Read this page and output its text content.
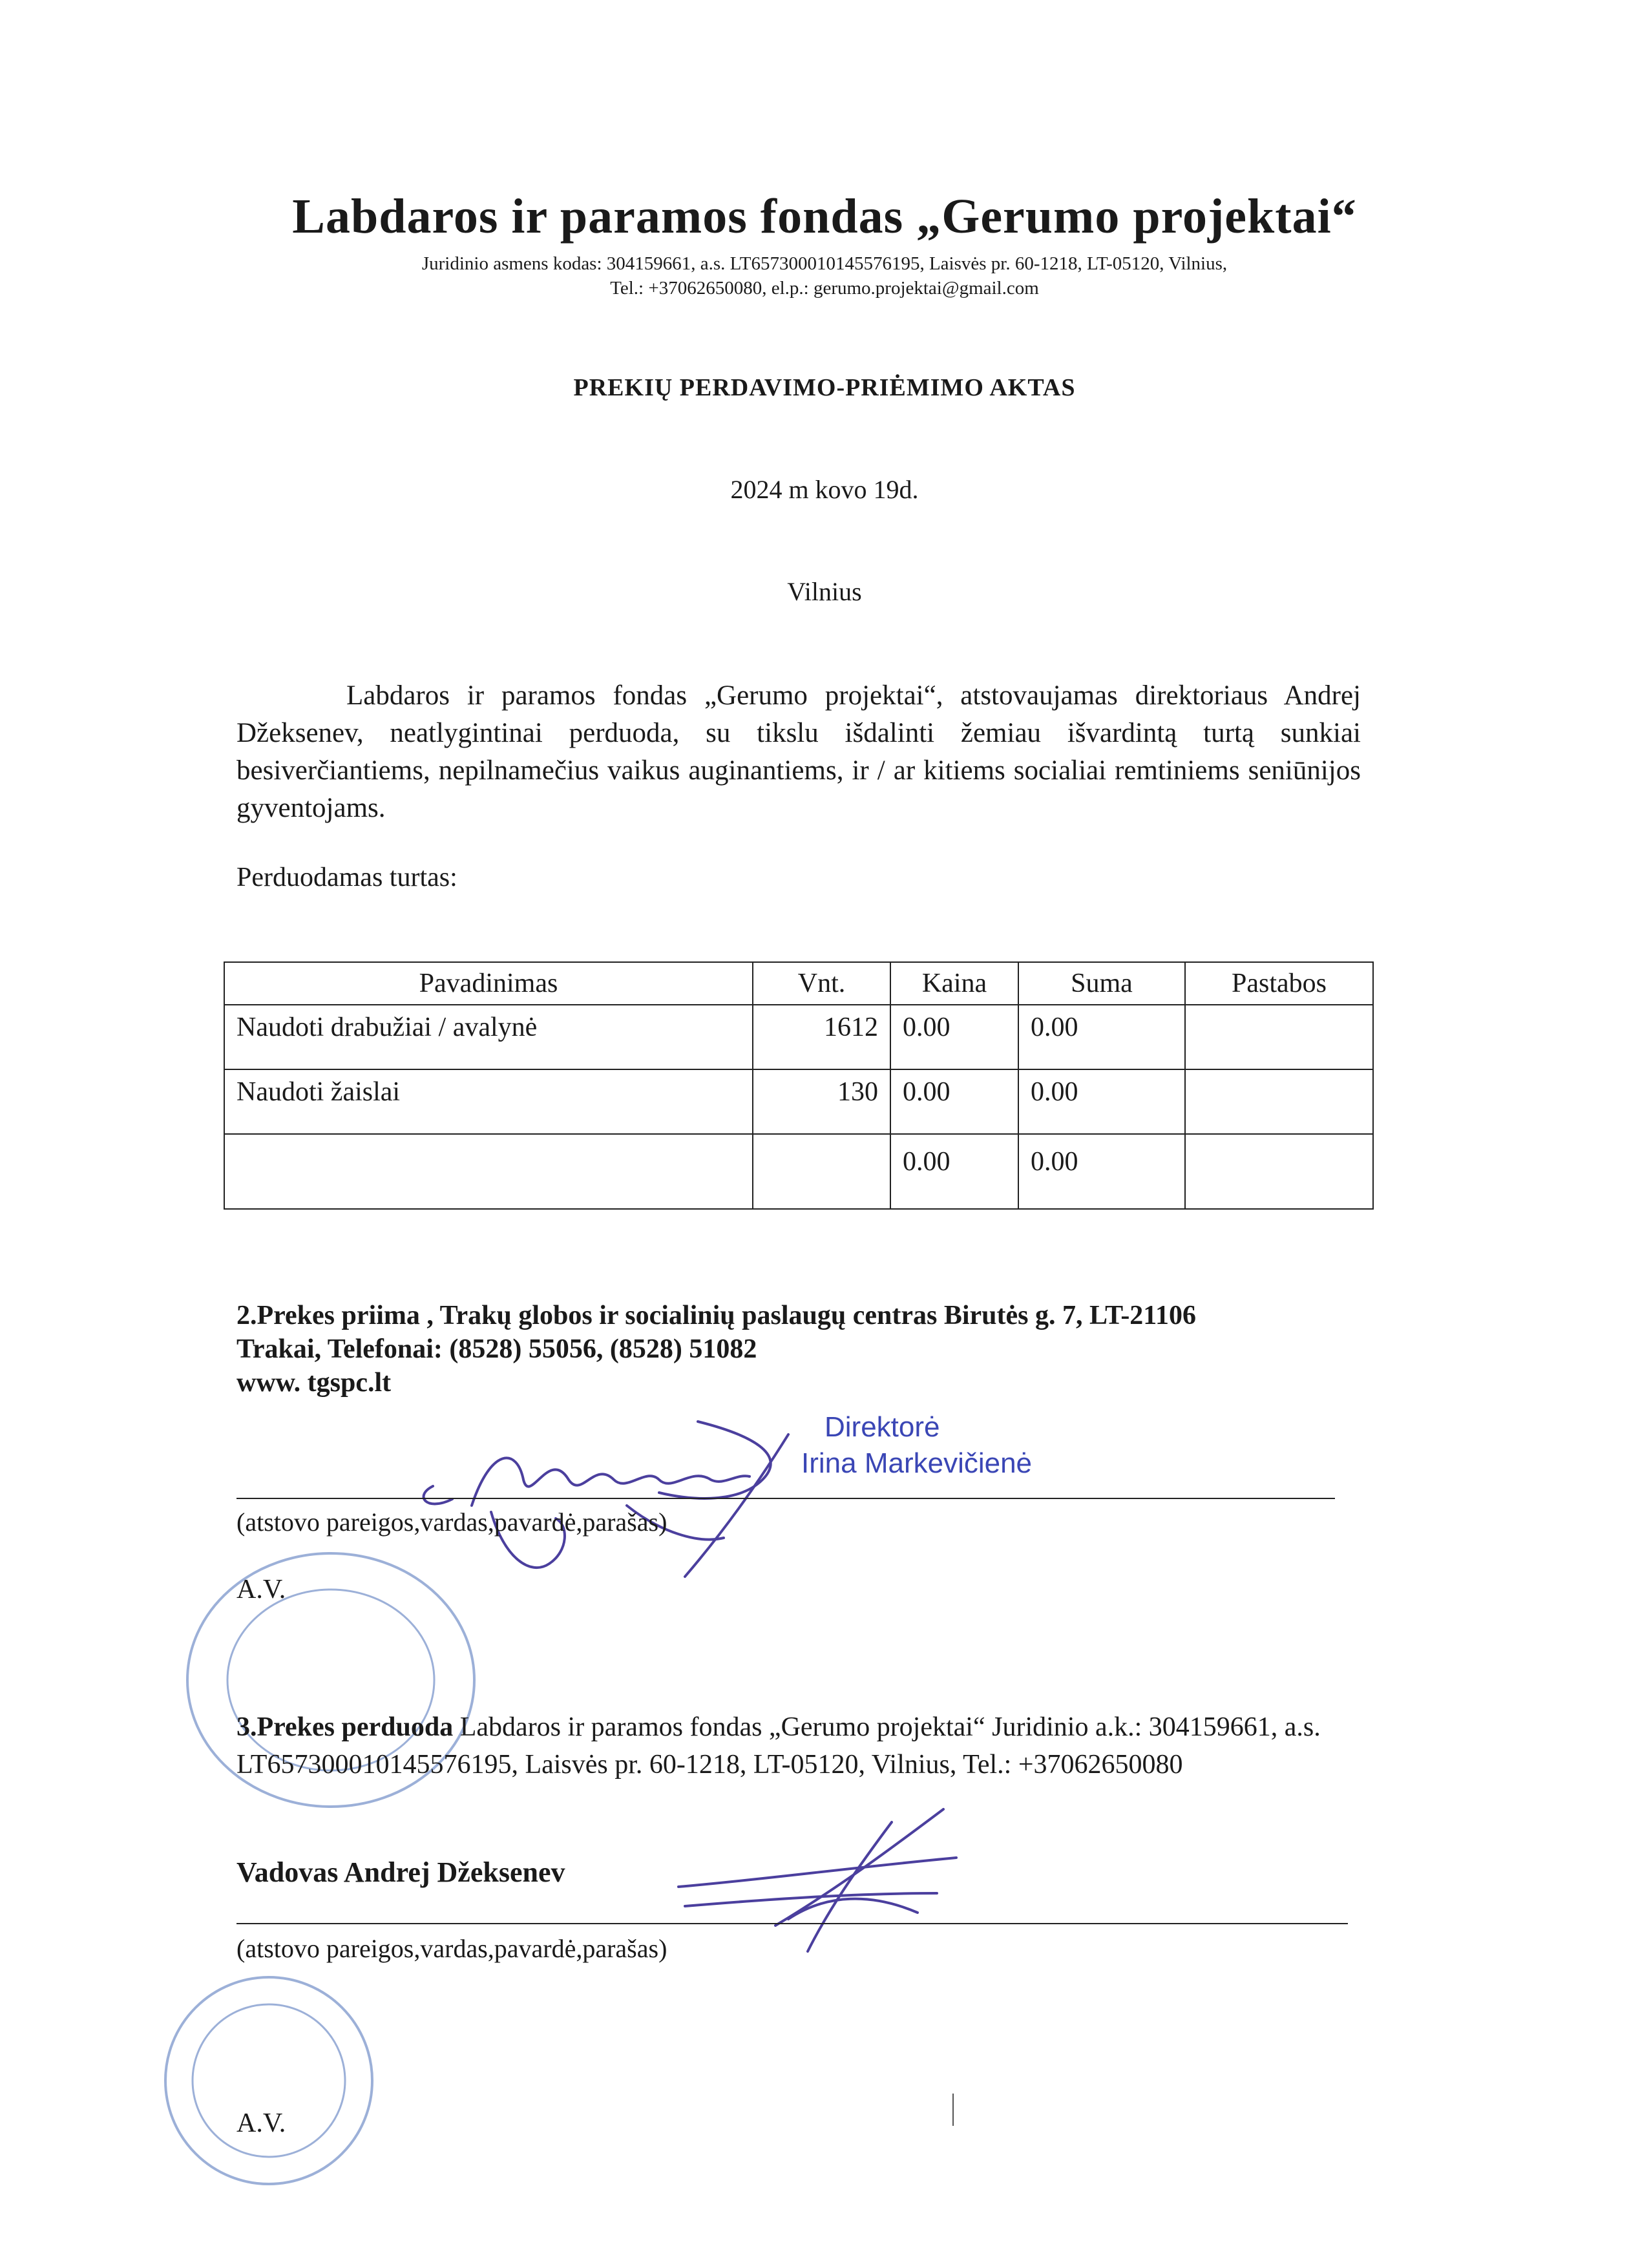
Labdaros ir paramos fondas „Gerumo projektai“
Juridinio asmens kodas: 304159661, a.s. LT657300010145576195, Laisvės pr. 60-1218, LT-05120, Vilnius,
Tel.: +37062650080, el.p.: gerumo.projektai@gmail.com
PREKIŲ PERDAVIMO-PRIĖMIMO AKTAS
2024 m kovo 19d.
Vilnius
Labdaros ir paramos fondas „Gerumo projektai“, atstovaujamas direktoriaus Andrej Džeksenev, neatlygintinai perduoda, su tikslu išdalinti žemiau išvardintą turtą sunkiai besiverčiantiems, nepilnamečius vaikus auginantiems, ir / ar kitiems socialiai remtiniems seniūnijos gyventojams.
Perduodamas turtas:
Pavadinimas	Vnt.	Kaina	Suma	Pastabos
Naudoti drabužiai / avalynė	1612	0.00	0.00	
Naudoti žaislai	130	0.00	0.00	
		0.00	0.00	
2.Prekes priima , Trakų globos ir socialinių paslaugų centras Birutės g. 7, LT-21106
Trakai, Telefonai: (8528) 55056, (8528) 51082
www. tgspc.lt
Direktorė
Irina Markevičienė
(atstovo pareigos,vardas,pavardė,parašas)
A.V.
3.Prekes perduoda Labdaros ir paramos fondas „Gerumo projektai“ Juridinio a.k.: 304159661, a.s. LT657300010145576195, Laisvės pr. 60-1218, LT-05120, Vilnius, Tel.: +37062650080
Vadovas Andrej Džeksenev
(atstovo pareigos,vardas,pavardė,parašas)
A.V.
